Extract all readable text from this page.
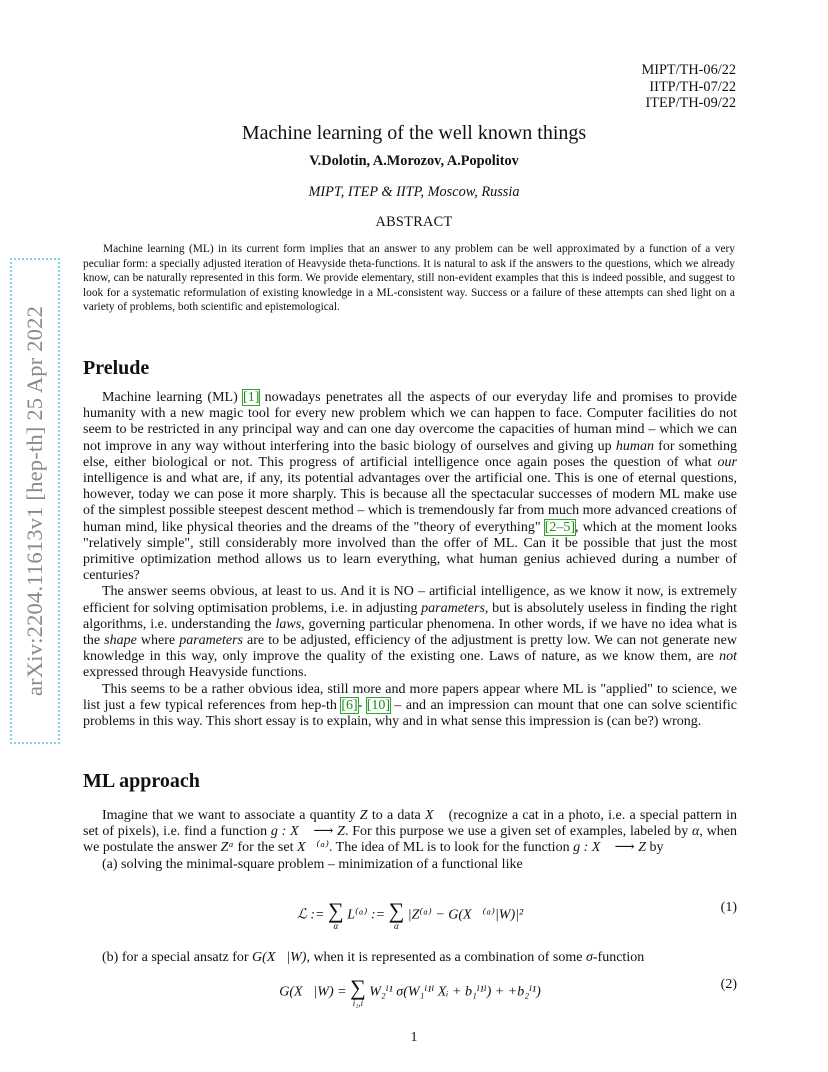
arXiv:2204.11613v1 [hep-th] 25 Apr 2022
MIPT/TH-06/22
IITP/TH-07/22
ITEP/TH-09/22
Machine learning of the well known things
V.Dolotin, A.Morozov, A.Popolitov
MIPT, ITEP & IITP, Moscow, Russia
ABSTRACT

Machine learning (ML) in its current form implies that an answer to any problem can be well approximated by a function of a very peculiar form: a specially adjusted iteration of Heavyside theta-functions. It is natural to ask if the answers to the questions, which we already know, can be naturally represented in this form. We provide elementary, still non-evident examples that this is indeed possible, and suggest to look for a systematic reformulation of existing knowledge in a ML-consistent way. Success or a failure of these attempts can shed light on a variety of problems, both scientific and epistemological.

Prelude

Machine learning (ML) [1] nowadays penetrates all the aspects of our everyday life and promises to provide humanity with a new magic tool for every new problem which we can happen to face. Computer facilities do not seem to be restricted in any principal way and can one day overcome the capacities of human mind – which we can not improve in any way without interfering into the basic biology of ourselves and giving up human for something else, either biological or not. This progress of artificial intelligence once again poses the question of what our intelligence is and what are, if any, its potential advantages over the artificial one. This is one of eternal questions, however, today we can pose it more sharply. This is because all the spectacular successes of modern ML make use of the simplest possible steepest descent method – which is tremendously far from much more advanced creations of human mind, like physical theories and the dreams of the "theory of everything" [2–5], which at the moment looks "relatively simple", still considerably more involved than the offer of ML. Can it be possible that just the most primitive optimization method allows us to learn everything, what human genius achieved during a number of centuries?

The answer seems obvious, at least to us. And it is NO – artificial intelligence, as we know it now, is extremely efficient for solving optimisation problems, i.e. in adjusting parameters, but is absolutely useless in finding the right algorithms, i.e. understanding the laws, governing particular phenomena. In other words, if we have no idea what is the shape where parameters are to be adjusted, efficiency of the adjustment is pretty low. We can not generate new knowledge in this way, only improve the quality of the existing one. Laws of nature, as we know them, are not expressed through Heavyside functions.

This seems to be a rather obvious idea, still more and more papers appear where ML is "applied" to science, we list just a few typical references from hep-th [6]- [10] – and an impression can mount that one can solve scientific problems in this way. This short essay is to explain, why and in what sense this impression is (can be?) wrong.

ML approach

Imagine that we want to associate a quantity Z to a data X⃗ (recognize a cat in a photo, i.e. a special pattern in set of pixels), i.e. find a function g : X⃗ ⟶ Z. For this purpose we use a given set of examples, labeled by α, when we postulate the answer Zᵅ for the set X⃗⁽ᵅ⁾. The idea of ML is to look for the function g : X⃗ ⟶ Z by

(a) solving the minimal-square problem – minimization of a functional like

ℒ := ∑
α
L⁽ᵅ⁾ := ∑
α
|Z⁽ᵅ⁾ − G(X⃗⁽ᵅ⁾|W)|²
(1)

(b) for a special ansatz for G(X⃗|W), when it is represented as a combination of some σ-function

G(X⃗|W) = ∑
i₁,i
W₂ⁱ¹ σ(W₁ⁱ¹ⁱ Xᵢ + b₁ⁱ¹ⁱ) + +b₂ⁱ¹)
(2)
1
